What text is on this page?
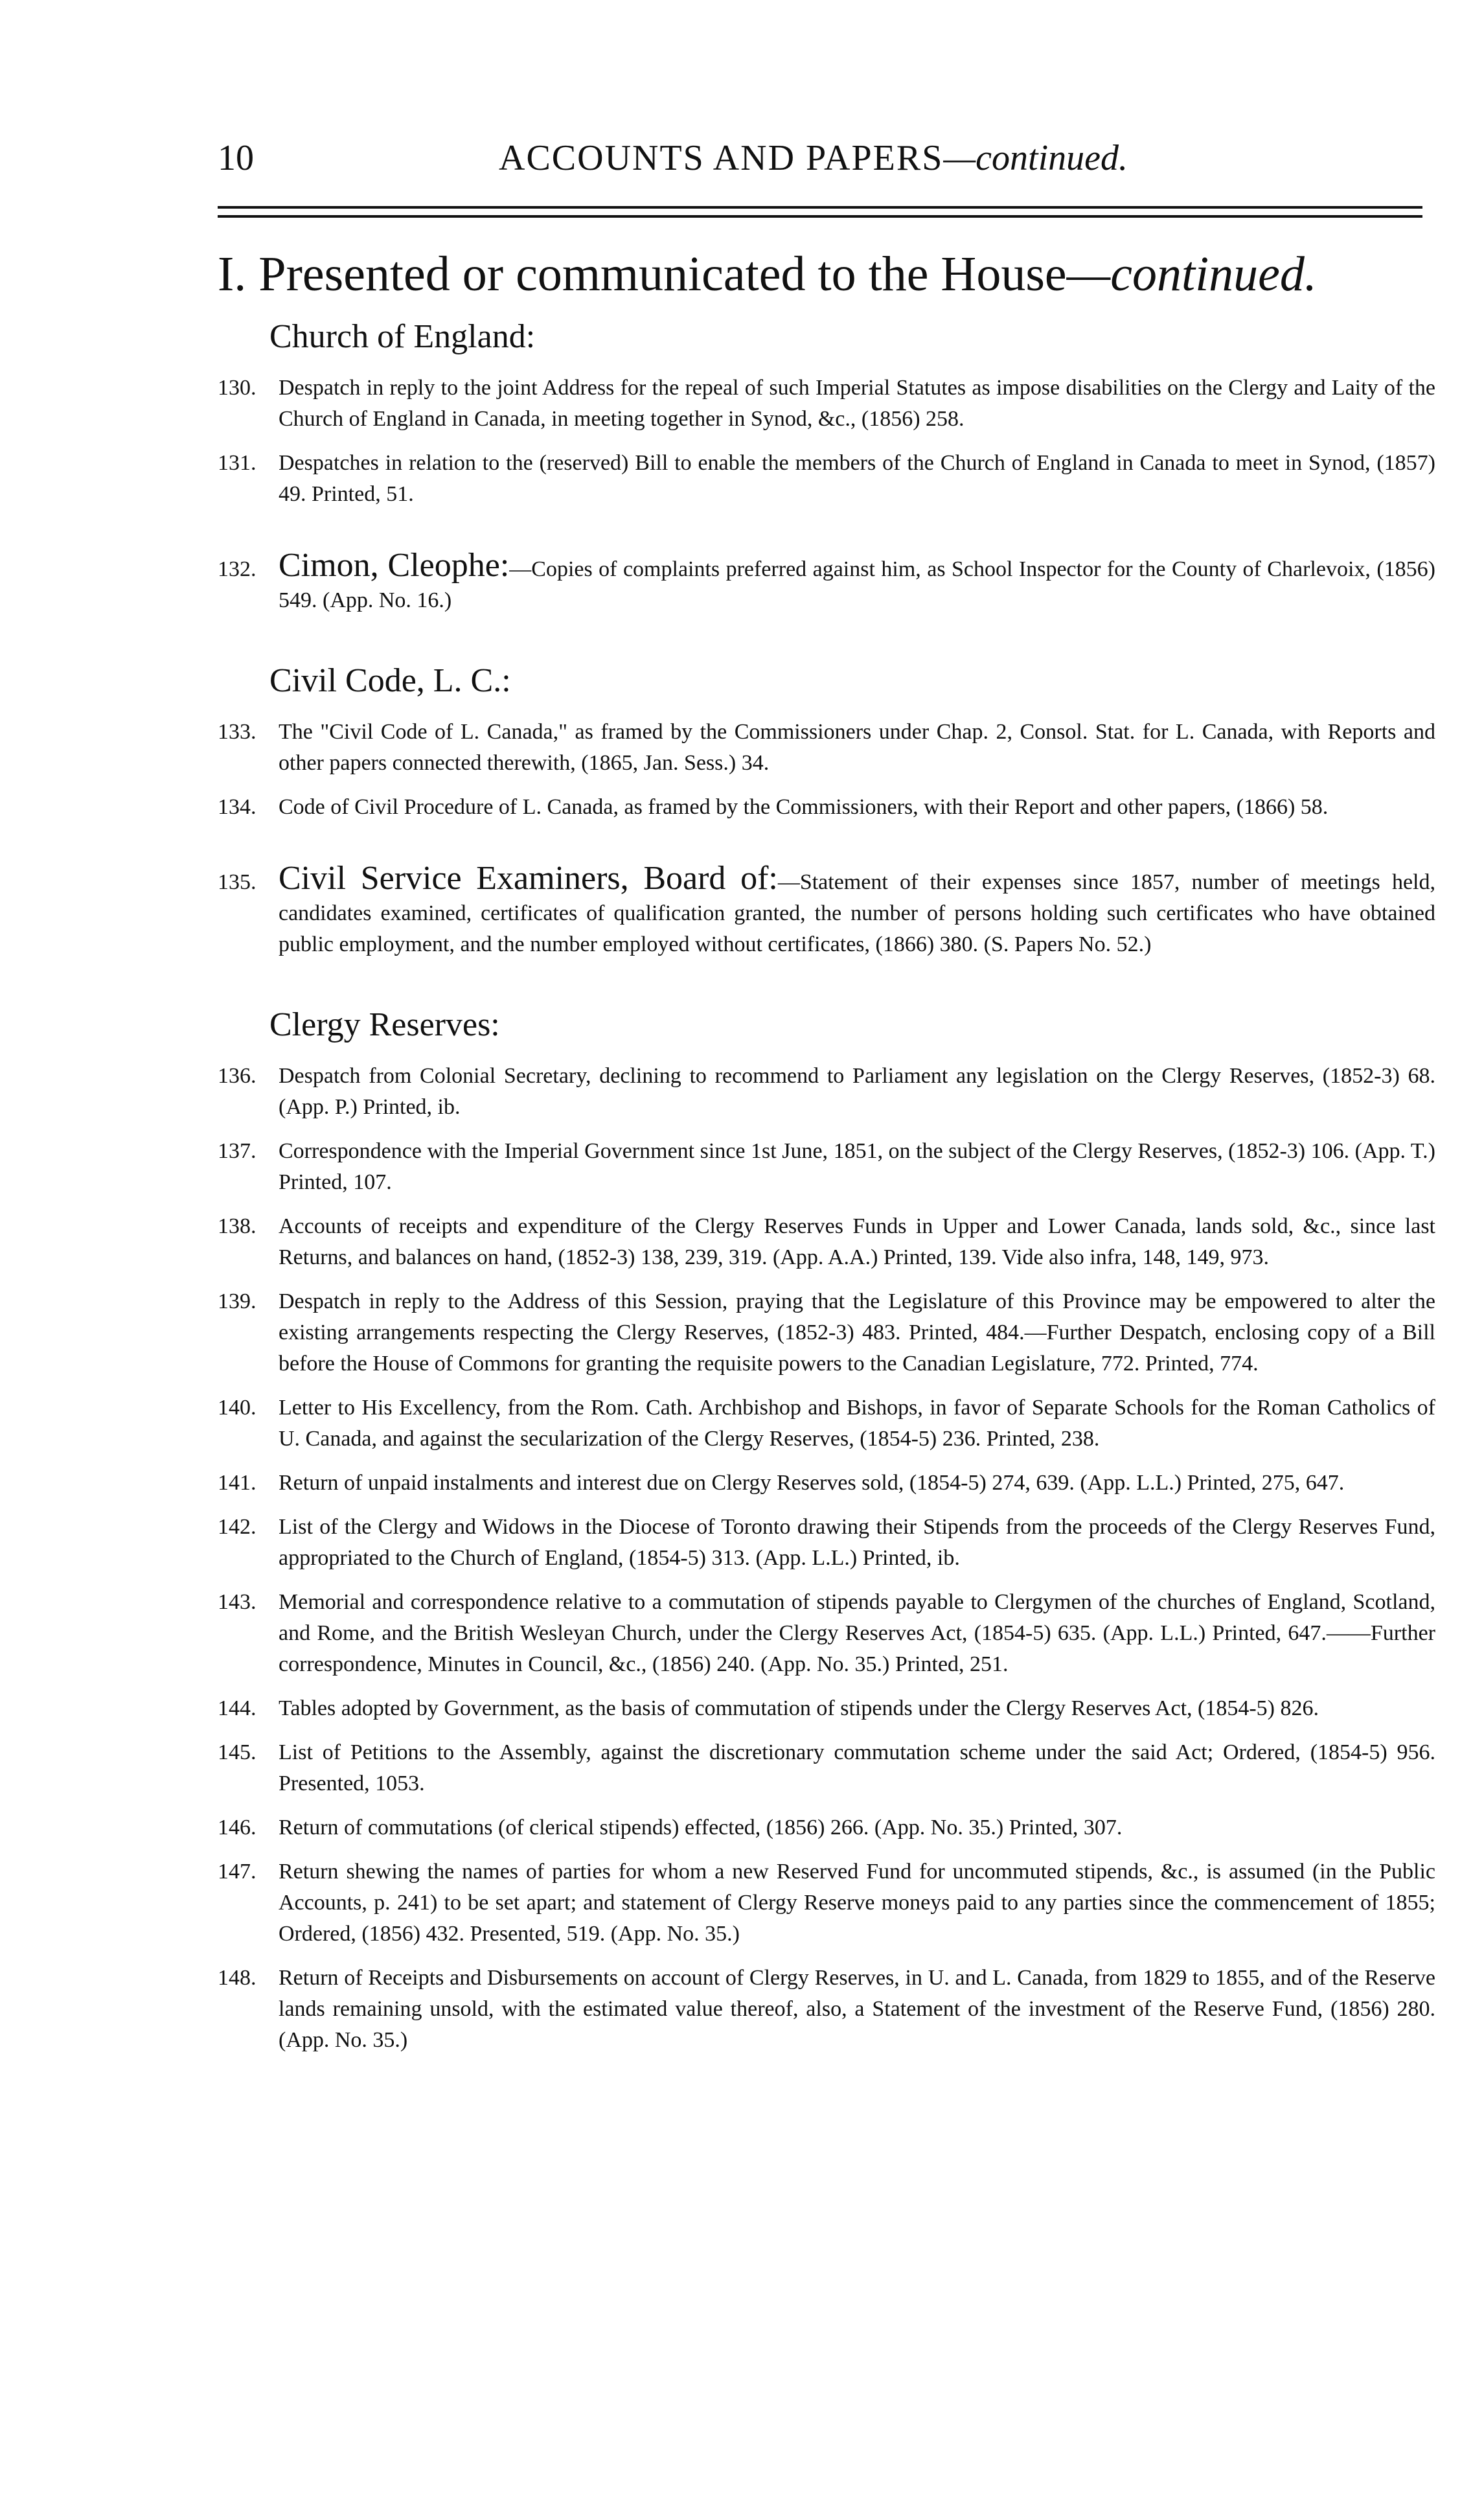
10	ACCOUNTS AND PAPERS—continued.
I. Presented or communicated to the House—continued.
Church of England:

130. Despatch in reply to the joint Address for the repeal of such Imperial Statutes as impose disabilities on the Clergy and Laity of the Church of England in Canada, in meeting together in Synod, &c., (1856) 258.

131. Despatches in relation to the (reserved) Bill to enable the members of the Church of England in Canada to meet in Synod, (1857) 49. Printed, 51.

132. Cimon, Cleophe:—Copies of complaints preferred against him, as School Inspector for the County of Charlevoix, (1856) 549. (App. No. 16.)

Civil Code, L. C.:

133. The "Civil Code of L. Canada," as framed by the Commissioners under Chap. 2, Consol. Stat. for L. Canada, with Reports and other papers connected therewith, (1865, Jan. Sess.) 34.

134. Code of Civil Procedure of L. Canada, as framed by the Commissioners, with their Report and other papers, (1866) 58.

135. Civil Service Examiners, Board of:—Statement of their expenses since 1857, number of meetings held, candidates examined, certificates of qualification granted, the number of persons holding such certificates who have obtained public employment, and the number employed without certificates, (1866) 380. (S. Papers No. 52.)

Clergy Reserves:

136. Despatch from Colonial Secretary, declining to recommend to Parliament any legislation on the Clergy Reserves, (1852-3) 68. (App. P.) Printed, ib.

137. Correspondence with the Imperial Government since 1st June, 1851, on the subject of the Clergy Reserves, (1852-3) 106. (App. T.) Printed, 107.

138. Accounts of receipts and expenditure of the Clergy Reserves Funds in Upper and Lower Canada, lands sold, &c., since last Returns, and balances on hand, (1852-3) 138, 239, 319. (App. A.A.) Printed, 139. Vide also infra, 148, 149, 973.

139. Despatch in reply to the Address of this Session, praying that the Legislature of this Province may be empowered to alter the existing arrangements respecting the Clergy Reserves, (1852-3) 483. Printed, 484.—Further Despatch, enclosing copy of a Bill before the House of Commons for granting the requisite powers to the Canadian Legislature, 772. Printed, 774.

140. Letter to His Excellency, from the Rom. Cath. Archbishop and Bishops, in favor of Separate Schools for the Roman Catholics of U. Canada, and against the secularization of the Clergy Reserves, (1854-5) 236. Printed, 238.

141. Return of unpaid instalments and interest due on Clergy Reserves sold, (1854-5) 274, 639. (App. L.L.) Printed, 275, 647.

142. List of the Clergy and Widows in the Diocese of Toronto drawing their Stipends from the proceeds of the Clergy Reserves Fund, appropriated to the Church of England, (1854-5) 313. (App. L.L.) Printed, ib.

143. Memorial and correspondence relative to a commutation of stipends payable to Clergymen of the churches of England, Scotland, and Rome, and the British Wesleyan Church, under the Clergy Reserves Act, (1854-5) 635. (App. L.L.) Printed, 647.——Further correspondence, Minutes in Council, &c., (1856) 240. (App. No. 35.) Printed, 251.

144. Tables adopted by Government, as the basis of commutation of stipends under the Clergy Reserves Act, (1854-5) 826.

145. List of Petitions to the Assembly, against the discretionary commutation scheme under the said Act; Ordered, (1854-5) 956. Presented, 1053.

146. Return of commutations (of clerical stipends) effected, (1856) 266. (App. No. 35.) Printed, 307.

147. Return shewing the names of parties for whom a new Reserved Fund for uncommuted stipends, &c., is assumed (in the Public Accounts, p. 241) to be set apart; and statement of Clergy Reserve moneys paid to any parties since the commencement of 1855; Ordered, (1856) 432. Presented, 519. (App. No. 35.)

148. Return of Receipts and Disbursements on account of Clergy Reserves, in U. and L. Canada, from 1829 to 1855, and of the Reserve lands remaining unsold, with the estimated value thereof, also, a Statement of the investment of the Reserve Fund, (1856) 280. (App. No. 35.)
